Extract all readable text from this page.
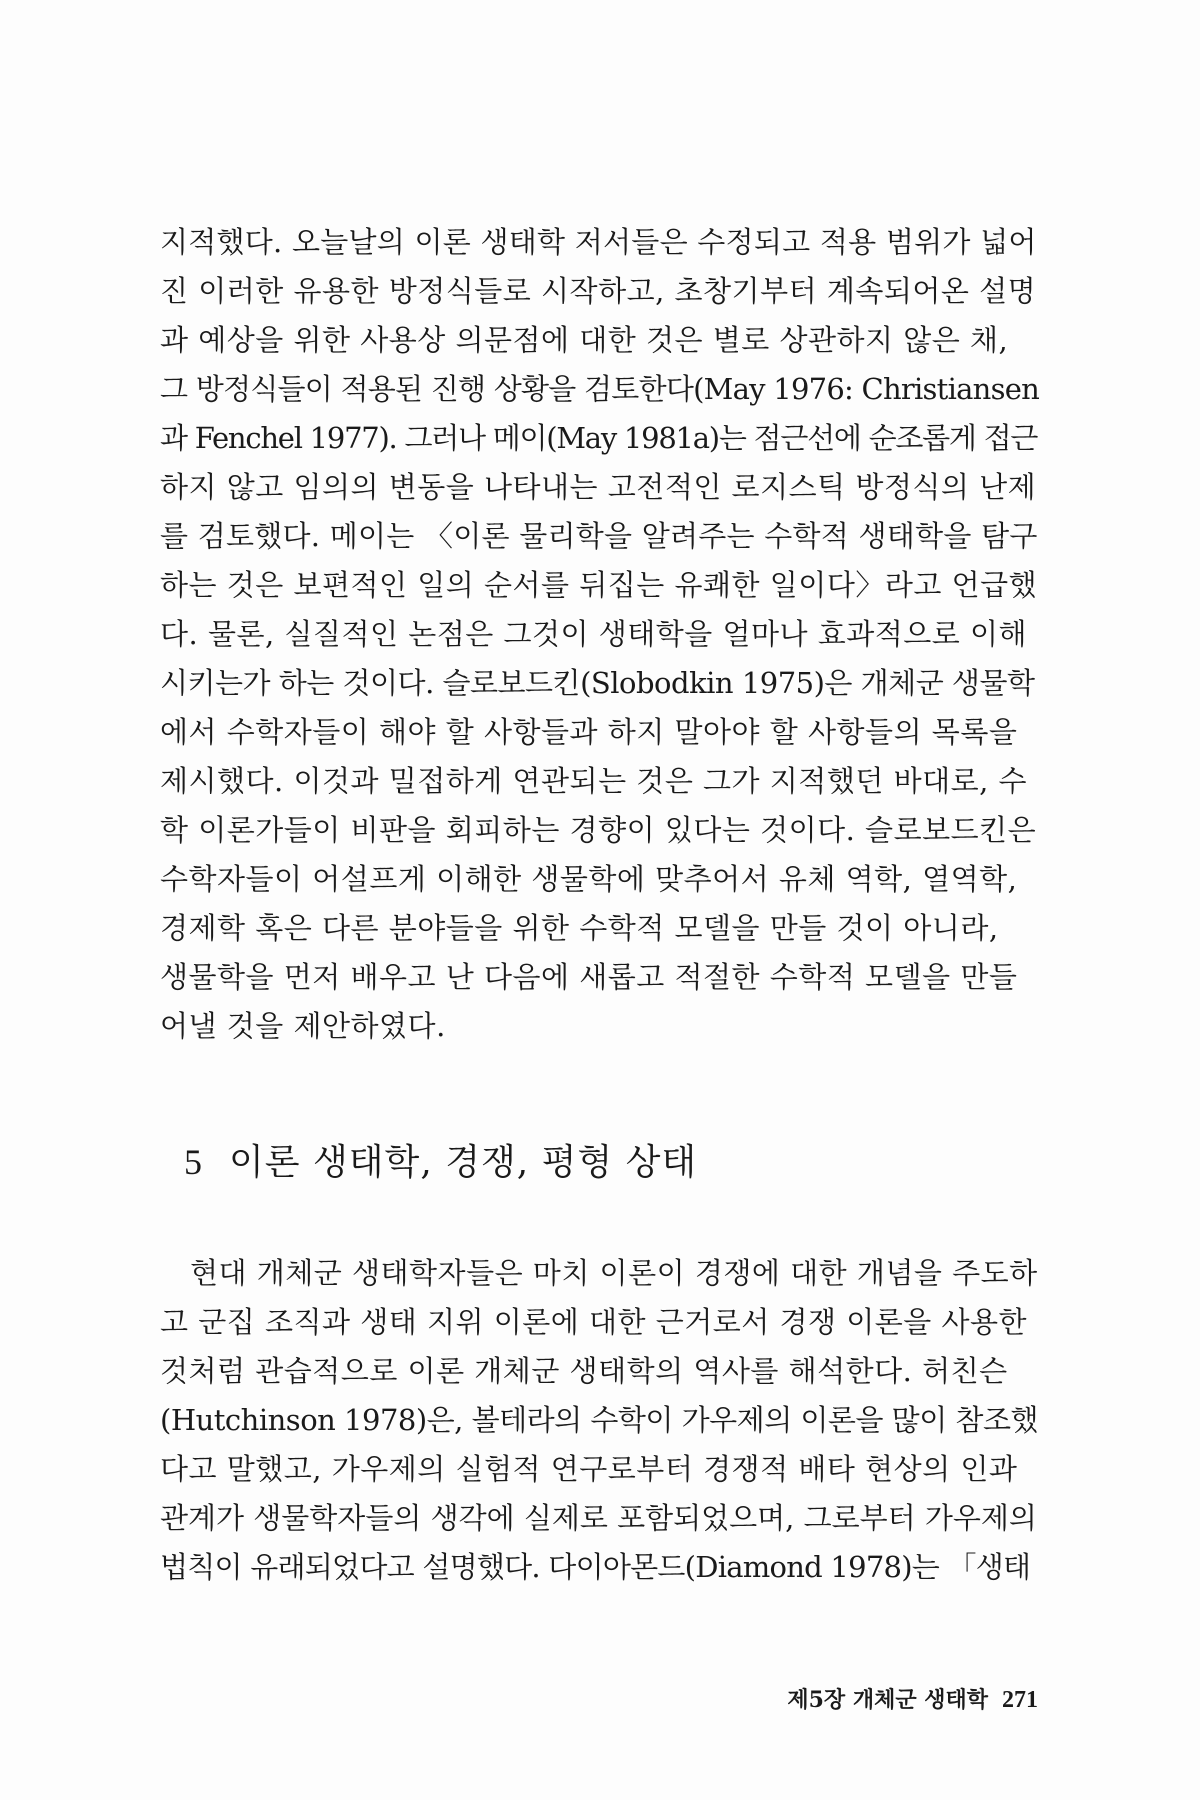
지적했다. 오늘날의 이론 생태학 저서들은 수정되고 적용 범위가 넓어
진 이러한 유용한 방정식들로 시작하고, 초창기부터 계속되어온 설명
과 예상을 위한 사용상 의문점에 대한 것은 별로 상관하지 않은 채,
그 방정식들이 적용된 진행 상황을 검토한다(May 1976: Christiansen
과 Fenchel 1977). 그러나 메이(May 1981a)는 점근선에 순조롭게 접근
하지 않고 임의의 변동을 나타내는 고전적인 로지스틱 방정식의 난제
를 검토했다. 메이는 〈이론 물리학을 알려주는 수학적 생태학을 탐구
하는 것은 보편적인 일의 순서를 뒤집는 유쾌한 일이다〉라고 언급했
다. 물론, 실질적인 논점은 그것이 생태학을 얼마나 효과적으로 이해
시키는가 하는 것이다. 슬로보드킨(Slobodkin 1975)은 개체군 생물학
에서 수학자들이 해야 할 사항들과 하지 말아야 할 사항들의 목록을
제시했다. 이것과 밀접하게 연관되는 것은 그가 지적했던 바대로, 수
학 이론가들이 비판을 회피하는 경향이 있다는 것이다. 슬로보드킨은
수학자들이 어설프게 이해한 생물학에 맞추어서 유체 역학, 열역학,
경제학 혹은 다른 분야들을 위한 수학적 모델을 만들 것이 아니라,
생물학을 먼저 배우고 난 다음에 새롭고 적절한 수학적 모델을 만들
어낼 것을 제안하였다.
5 이론 생태학, 경쟁, 평형 상태
현대 개체군 생태학자들은 마치 이론이 경쟁에 대한 개념을 주도하
고 군집 조직과 생태 지위 이론에 대한 근거로서 경쟁 이론을 사용한
것처럼 관습적으로 이론 개체군 생태학의 역사를 해석한다. 허친슨
(Hutchinson 1978)은, 볼테라의 수학이 가우제의 이론을 많이 참조했
다고 말했고, 가우제의 실험적 연구로부터 경쟁적 배타 현상의 인과
관계가 생물학자들의 생각에 실제로 포함되었으며, 그로부터 가우제의
법칙이 유래되었다고 설명했다. 다이아몬드(Diamond 1978)는 「생태
제5장 개체군 생태학 271
